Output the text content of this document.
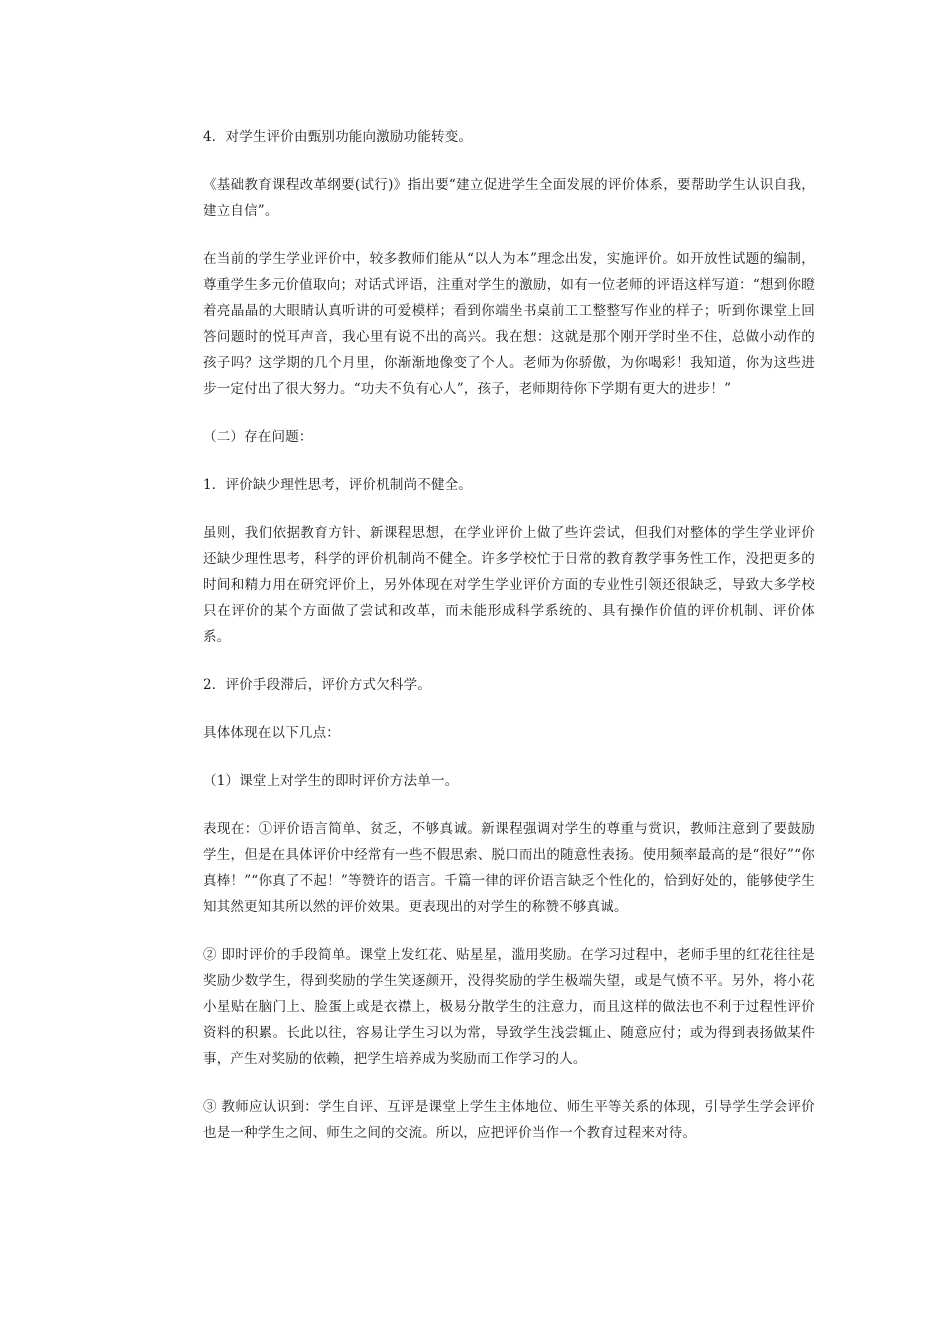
4．对学生评价由甄别功能向激励功能转变。

《基础教育课程改革纲要(试行)》指出要“建立促进学生全面发展的评价体系，要帮助学生认识自我，建立自信”。

在当前的学生学业评价中，较多教师们能从“以人为本”理念出发，实施评价。如开放性试题的编制，尊重学生多元价值取向；对话式评语，注重对学生的激励，如有一位老师的评语这样写道：“想到你瞪着亮晶晶的大眼睛认真听讲的可爱模样；看到你端坐书桌前工工整整写作业的样子；听到你课堂上回答问题时的悦耳声音，我心里有说不出的高兴。我在想：这就是那个刚开学时坐不住，总做小动作的孩子吗？这学期的几个月里，你渐渐地像变了个人。老师为你骄傲，为你喝彩！我知道，你为这些进步一定付出了很大努力。“功夫不负有心人”，孩子，老师期待你下学期有更大的进步！”

（二）存在问题：

1．评价缺少理性思考，评价机制尚不健全。

虽则，我们依据教育方针、新课程思想，在学业评价上做了些许尝试，但我们对整体的学生学业评价还缺少理性思考，科学的评价机制尚不健全。许多学校忙于日常的教育教学事务性工作，没把更多的时间和精力用在研究评价上，另外体现在对学生学业评价方面的专业性引领还很缺乏，导致大多学校只在评价的某个方面做了尝试和改革，而未能形成科学系统的、具有操作价值的评价机制、评价体系。

2．评价手段滞后，评价方式欠科学。

具体体现在以下几点：

（1）课堂上对学生的即时评价方法单一。

表现在：①评价语言简单、贫乏，不够真诚。新课程强调对学生的尊重与赏识，教师注意到了要鼓励学生，但是在具体评价中经常有一些不假思索、脱口而出的随意性表扬。使用频率最高的是“很好”“你真棒！”“你真了不起！”等赞许的语言。千篇一律的评价语言缺乏个性化的，恰到好处的，能够使学生知其然更知其所以然的评价效果。更表现出的对学生的称赞不够真诚。

② 即时评价的手段简单。课堂上发红花、贴星星，滥用奖励。在学习过程中，老师手里的红花往往是奖励少数学生，得到奖励的学生笑逐颜开，没得奖励的学生极端失望，或是气愤不平。另外，将小花小星贴在脑门上、脸蛋上或是衣襟上，极易分散学生的注意力，而且这样的做法也不利于过程性评价资料的积累。长此以往，容易让学生习以为常，导致学生浅尝辄止、随意应付；或为得到表扬做某件事，产生对奖励的依赖，把学生培养成为奖励而工作学习的人。

③ 教师应认识到：学生自评、互评是课堂上学生主体地位、师生平等关系的体现，引导学生学会评价也是一种学生之间、师生之间的交流。所以，应把评价当作一个教育过程来对待。
